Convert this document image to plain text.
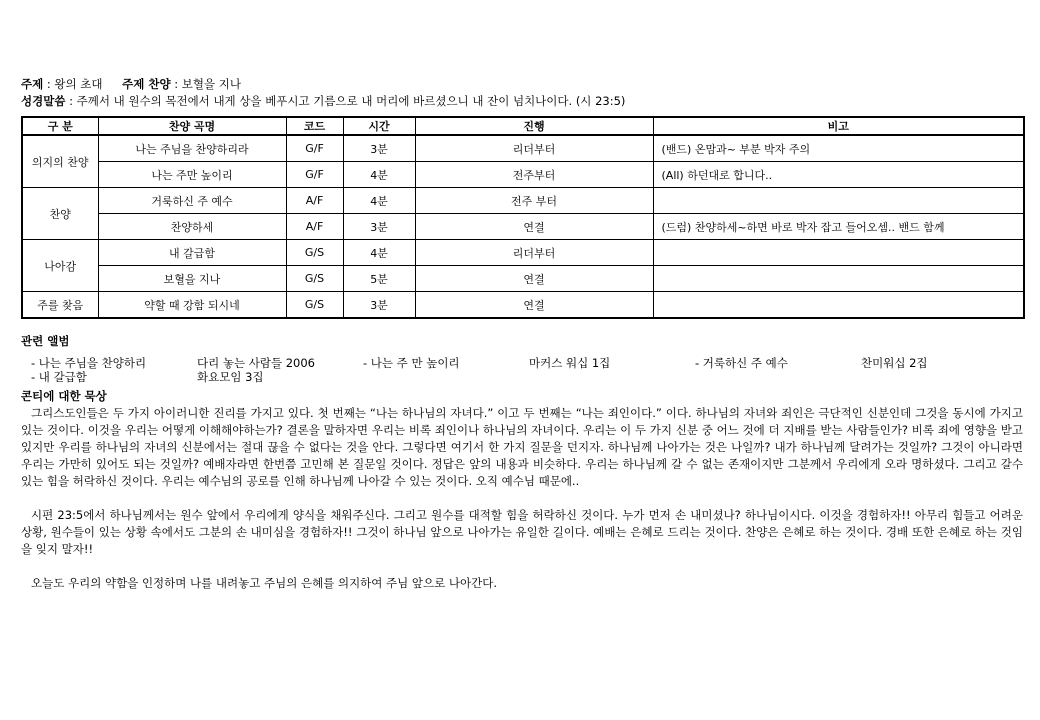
주제 : 왕의 초대 주제 찬양 : 보혈을 지나
성경말씀 : 주께서 내 원수의 목전에서 내게 상을 베푸시고 기름으로 내 머리에 바르셨으니 내 잔이 넘치나이다. (시 23:5)
구 분	찬양 곡명	코드	시간	진행	비고
의지의 찬양	나는 주님을 찬양하리라	G/F	3분	리더부터	(밴드) 온맘과~ 부분 박자 주의
	나는 주만 높이리	G/F	4분	전주부터	(All) 하던대로 합니다..
찬양	거룩하신 주 예수	A/F	4분	전주 부터	
	찬양하세	A/F	3분	연결	(드럼) 찬양하세~하면 바로 박자 잡고 들어오셈.. 밴드 함께
나아감	내 갈급함	G/S	4분	리더부터	
	보혈을 지나	G/S	5분	연결	
주를 찾음	약할 때 강함 되시네	G/S	3분	연결	
관련 앨범
- 나는 주님을 찬양하리	다리 놓는 사람들 2006	- 나는 주 만 높이리	마커스 워십 1집	- 거룩하신 주 예수	찬미워십 2집
- 내 갈급함	화요모임 3집
콘티에 대한 묵상

그리스도인들은 두 가지 아이러니한 진리를 가지고 있다. 첫 번째는 “나는 하나님의 자녀다.” 이고 두 번째는 “나는 죄인이다.” 이다. 하나님의 자녀와 죄인은 극단적인 신분인데 그것을 동시에 가지고 있는 것이다. 이것을 우리는 어떻게 이해해야하는가? 결론을 말하자면 우리는 비록 죄인이나 하나님의 자녀이다. 우리는 이 두 가지 신분 중 어느 것에 더 지배를 받는 사람들인가? 비록 죄에 영향을 받고 있지만 우리를 하나님의 자녀의 신분에서는 절대 끊을 수 없다는 것을 안다. 그렇다면 여기서 한 가지 질문을 던지자. 하나님께 나아가는 것은 나일까? 내가 하나님께 달려가는 것일까? 그것이 아니라면 우리는 가만히 있어도 되는 것일까? 예배자라면 한번쯤 고민해 본 질문일 것이다. 정답은 앞의 내용과 비슷하다. 우리는 하나님께 갈 수 없는 존재이지만 그분께서 우리에게 오라 명하셨다. 그리고 갈수 있는 힘을 허락하신 것이다. 우리는 예수님의 공로를 인해 하나님께 나아갈 수 있는 것이다. 오직 예수님 때문에..

시편 23:5에서 하나님께서는 원수 앞에서 우리에게 양식을 채워주신다. 그리고 원수를 대적할 힘을 허락하신 것이다. 누가 먼저 손 내미셨나? 하나님이시다. 이것을 경험하자!! 아무리 힘들고 어려운 상황, 원수들이 있는 상황 속에서도 그분의 손 내미심을 경험하자!! 그것이 하나님 앞으로 나아가는 유일한 길이다. 예배는 은혜로 드리는 것이다. 찬양은 은혜로 하는 것이다. 경배 또한 은혜로 하는 것임을 잊지 말자!!

오늘도 우리의 약함을 인정하며 나를 내려놓고 주님의 은혜를 의지하여 주님 앞으로 나아간다.
